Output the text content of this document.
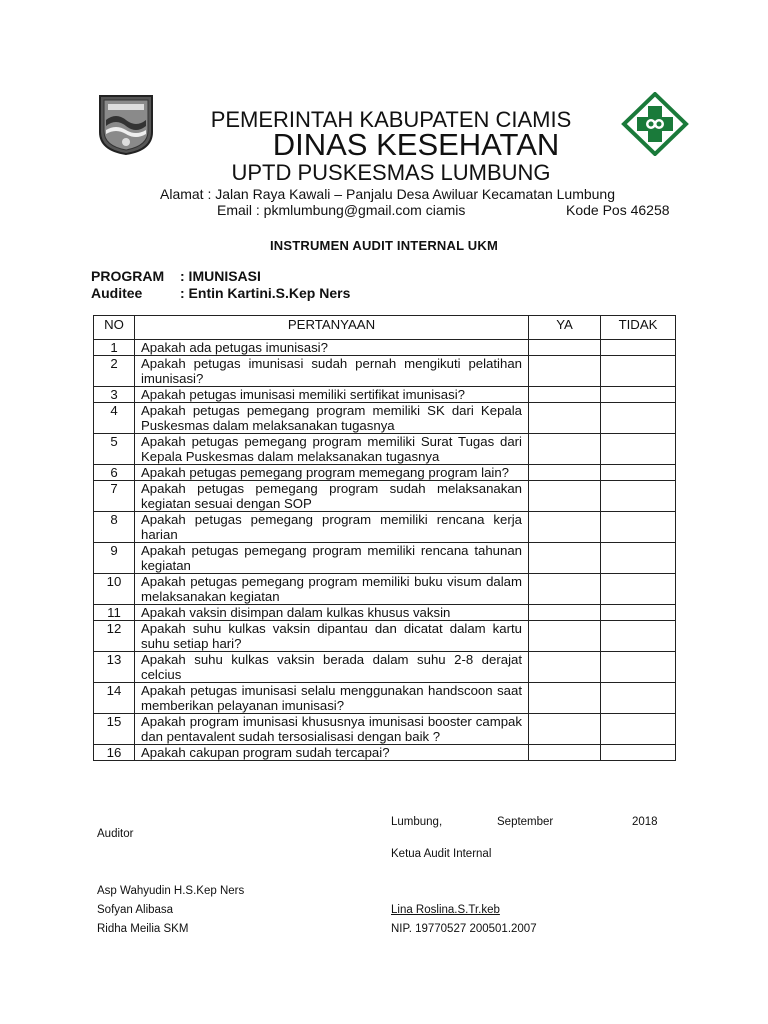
PEMERINTAH KABUPATEN CIAMIS
DINAS KESEHATAN
UPTD PUSKESMAS LUMBUNG
Alamat : Jalan Raya Kawali – Panjalu Desa Awiluar Kecamatan Lumbung
Email : pkmlumbung@gmail.com ciamis	Kode Pos 46258
INSTRUMEN AUDIT INTERNAL UKM
PROGRAM : IMUNISASI
Auditee	: Entin Kartini.S.Kep Ners
NO	PERTANYAAN	YA	TIDAK
1	Apakah ada petugas imunisasi?		
2	Apakah petugas imunisasi sudah pernah mengikuti pelatihan imunisasi?		
3	Apakah petugas imunisasi memiliki sertifikat imunisasi?		
4	Apakah petugas pemegang program memiliki SK dari Kepala Puskesmas dalam melaksanakan tugasnya		
5	Apakah petugas pemegang program memiliki Surat Tugas dari Kepala Puskesmas dalam melaksanakan tugasnya		
6	Apakah petugas pemegang program memegang program lain?		
7	Apakah petugas pemegang program sudah melaksanakan kegiatan sesuai dengan SOP		
8	Apakah petugas pemegang program memiliki rencana kerja harian		
9	Apakah petugas pemegang program memiliki rencana tahunan kegiatan		
10	Apakah petugas pemegang program memiliki buku visum dalam melaksanakan kegiatan		
11	Apakah vaksin disimpan dalam kulkas khusus vaksin		
12	Apakah suhu kulkas vaksin dipantau dan dicatat dalam kartu suhu setiap hari?		
13	Apakah suhu kulkas vaksin berada dalam suhu 2-8 derajat celcius		
14	Apakah petugas imunisasi selalu menggunakan handscoon saat memberikan pelayanan imunisasi?		
15	Apakah program imunisasi khususnya imunisasi booster campak dan pentavalent sudah tersosialisasi dengan baik ?		
16	Apakah cakupan program sudah tercapai?		
Lumbung,	September	2018
Auditor
Ketua Audit Internal
Asp Wahyudin H.S.Kep Ners
Sofyan Alibasa	Lina Roslina.S.Tr.keb
Ridha Meilia SKM	NIP. 19770527 200501.2007
